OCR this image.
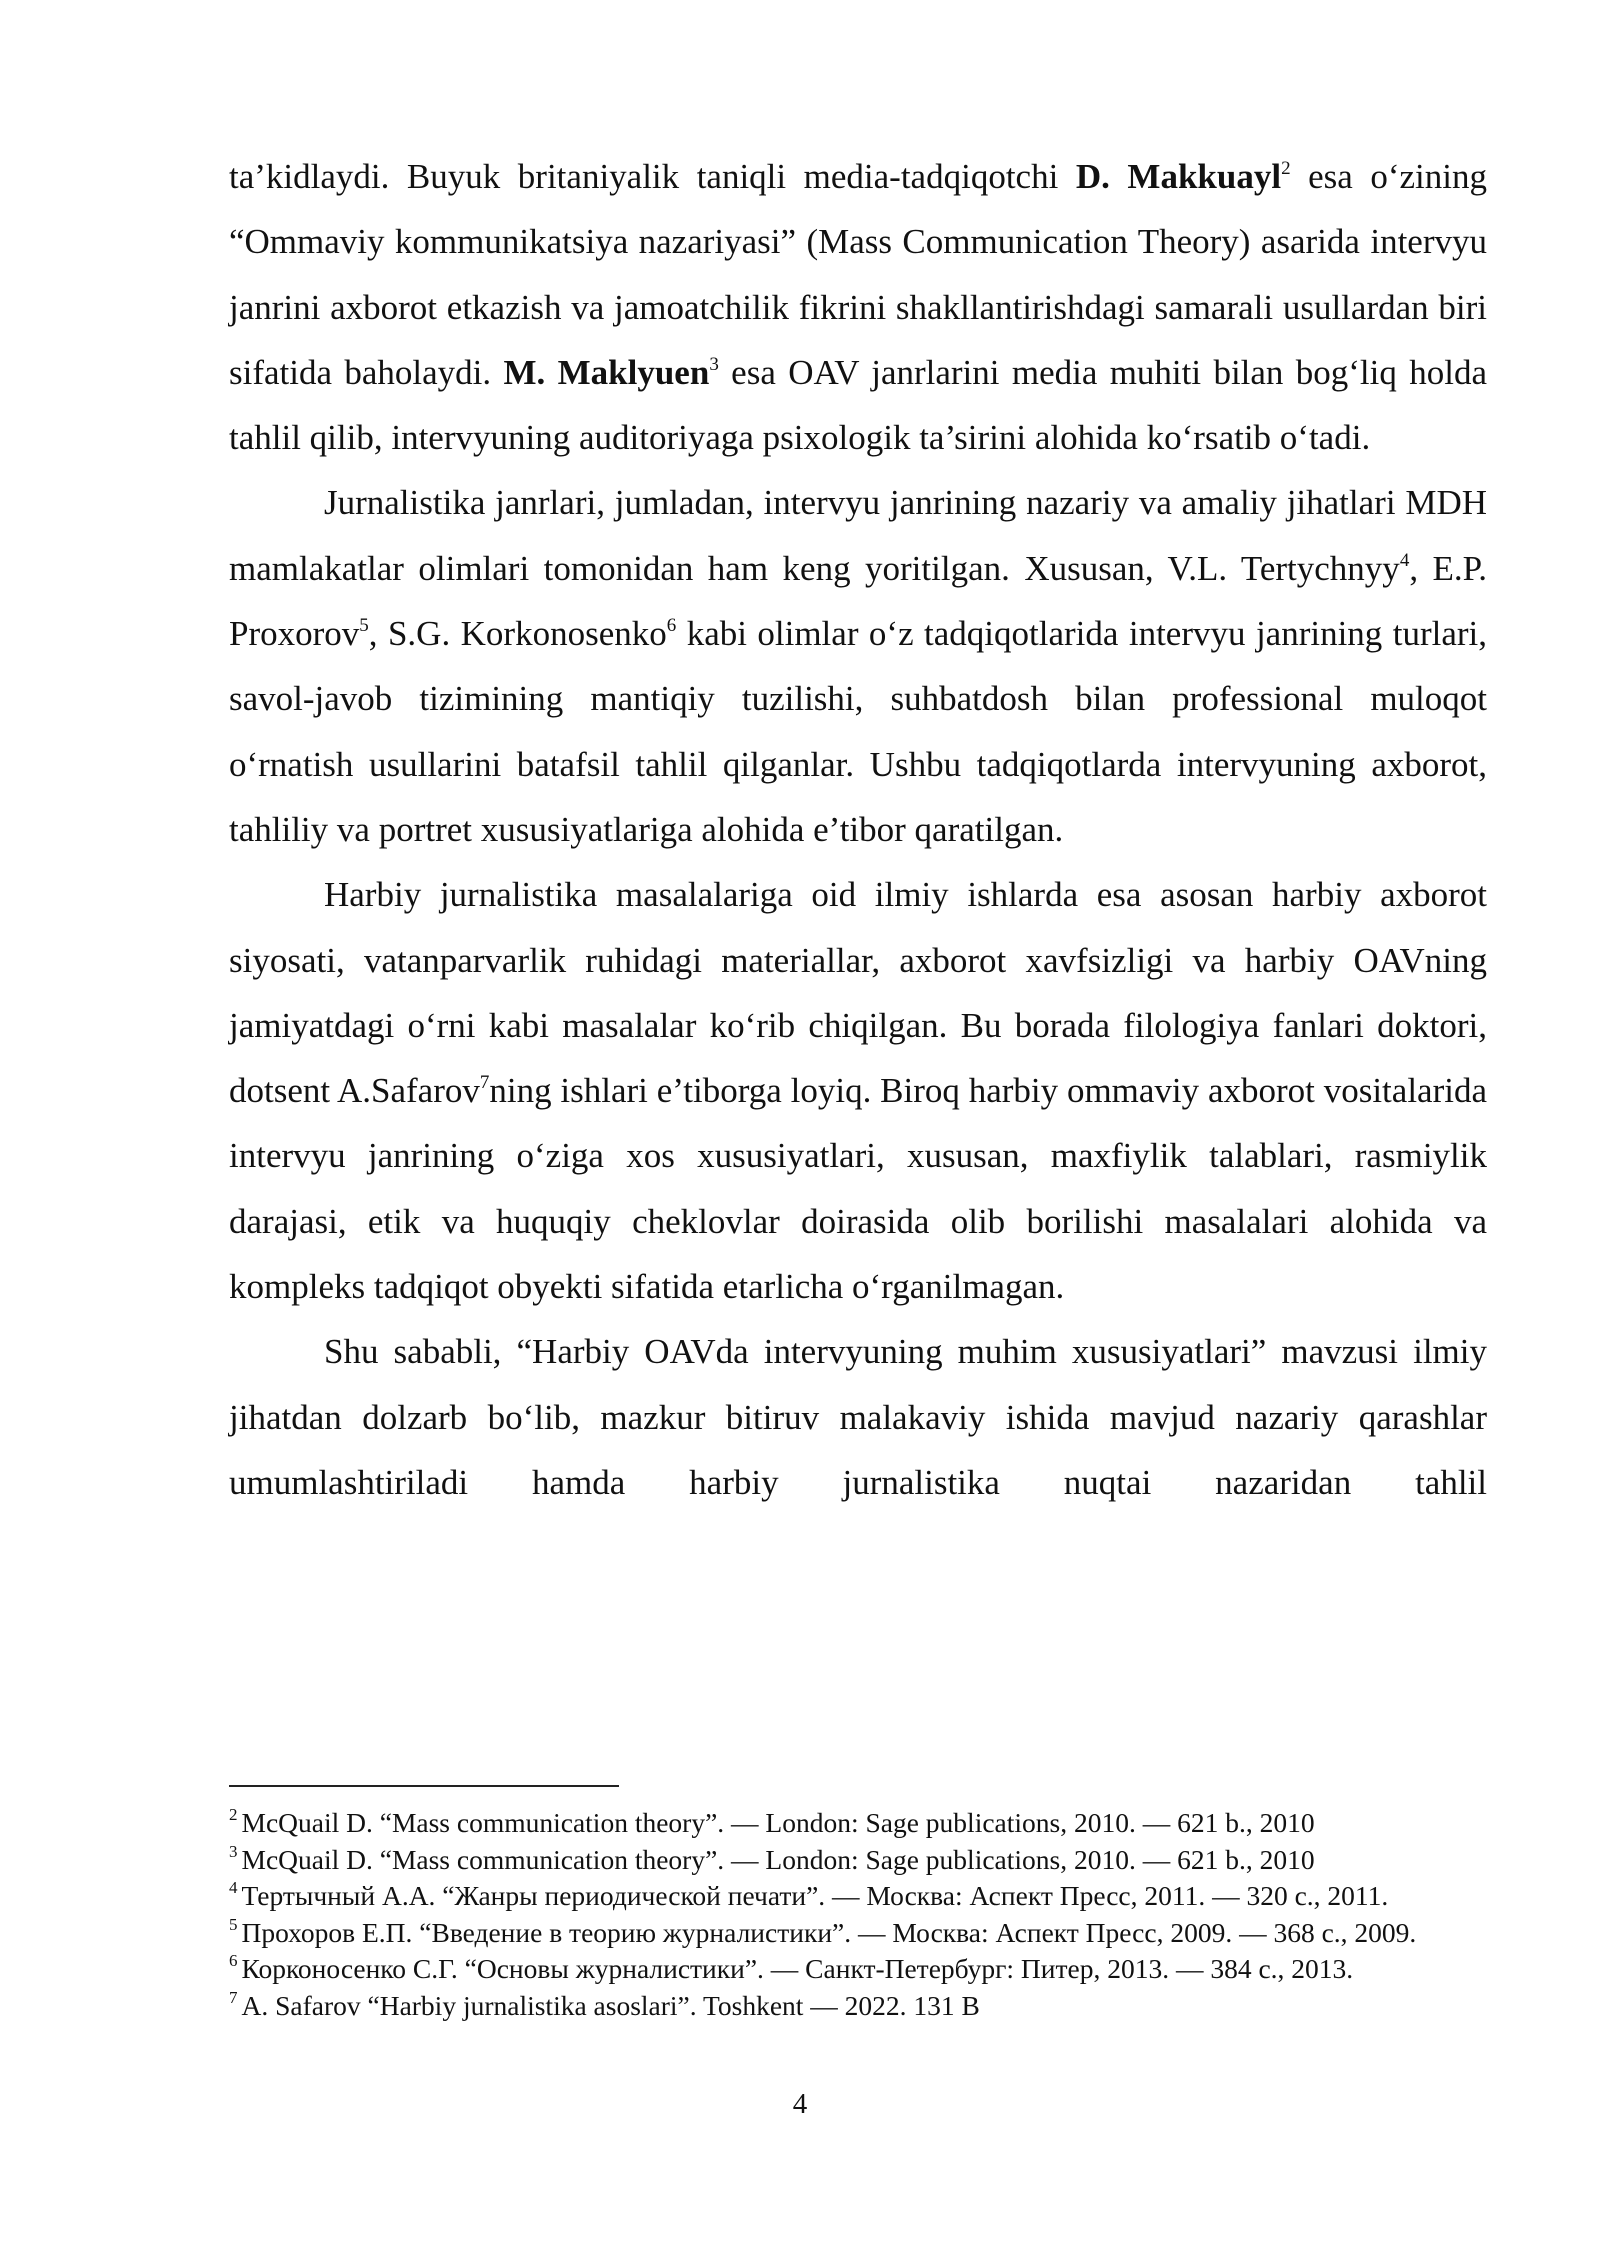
ta’kidlaydi. Buyuk britaniyalik taniqli media-tadqiqotchi D. Makkuayl$^2$ esa o‘zining “Ommaviy kommunikatsiya nazariyasi” (Mass Communication Theory) asarida intervyu janrini axborot etkazish va jamoatchilik fikrini shakllantirishdagi samarali usullardan biri sifatida baholaydi. M. Maklyuen$^3$ esa OAV janrlarini media muhiti bilan bog‘liq holda tahlil qilib, intervyuning auditoriyaga psixologik ta’sirini alohida ko‘rsatib o‘tadi.

Jurnalistika janrlari, jumladan, intervyu janrining nazariy va amaliy jihatlari MDH mamlakatlar olimlari tomonidan ham keng yoritilgan. Xususan, V.L. Tertychnyy$^4$, E.P. Proxorov$^5$, S.G. Korkonosenko$^6$ kabi olimlar o‘z tadqiqotlarida intervyu janrining turlari, savol-javob tizimining mantiqiy tuzilishi, suhbatdosh bilan professional muloqot o‘rnatish usullarini batafsil tahlil qilganlar. Ushbu tadqiqotlarda intervyuning axborot, tahliliy va portret xususiyatlariga alohida e’tibor qaratilgan.

Harbiy jurnalistika masalalariga oid ilmiy ishlarda esa asosan harbiy axborot siyosati, vatanparvarlik ruhidagi materiallar, axborot xavfsizligi va harbiy OAVning jamiyatdagi o‘rni kabi masalalar ko‘rib chiqilgan. Bu borada filologiya fanlari doktori, dotsent A.Safarov$^7$ning ishlari e’tiborga loyiq. Biroq harbiy ommaviy axborot vositalarida intervyu janrining o‘ziga xos xususiyatlari, xususan, maxfiylik talablari, rasmiylik darajasi, etik va huquqiy cheklovlar doirasida olib borilishi masalalari alohida va kompleks tadqiqot obyekti sifatida etarlicha o‘rganilmagan.

Shu sababli, “Harbiy OAVda intervyuning muhim xususiyatlari” mavzusi ilmiy jihatdan dolzarb bo‘lib, mazkur bitiruv malakaviy ishida mavjud nazariy qarashlar umumlashtiriladi hamda harbiy jurnalistika nuqtai nazaridan tahlil

$^2$ McQuail D. “Mass communication theory”. — London: Sage publications, 2010. — 621 b., 2010

$^3$ McQuail D. “Mass communication theory”. — London: Sage publications, 2010. — 621 b., 2010

$^4$ Тертычный А.А. “Жанры периодической печати”. — Москва: Аспект Пресс, 2011. — 320 с., 2011.

$^5$ Прохоров Е.П. “Введение в теорию журналистики”. — Москва: Аспект Пресс, 2009. — 368 с., 2009.

$^6$ Корконосенко С.Г. “Основы журналистики”. — Санкт-Петербург: Питер, 2013. — 384 с., 2013.

$^7$ A. Safarov “Harbiy jurnalistika asoslari”. Toshkent — 2022. 131 B

4
